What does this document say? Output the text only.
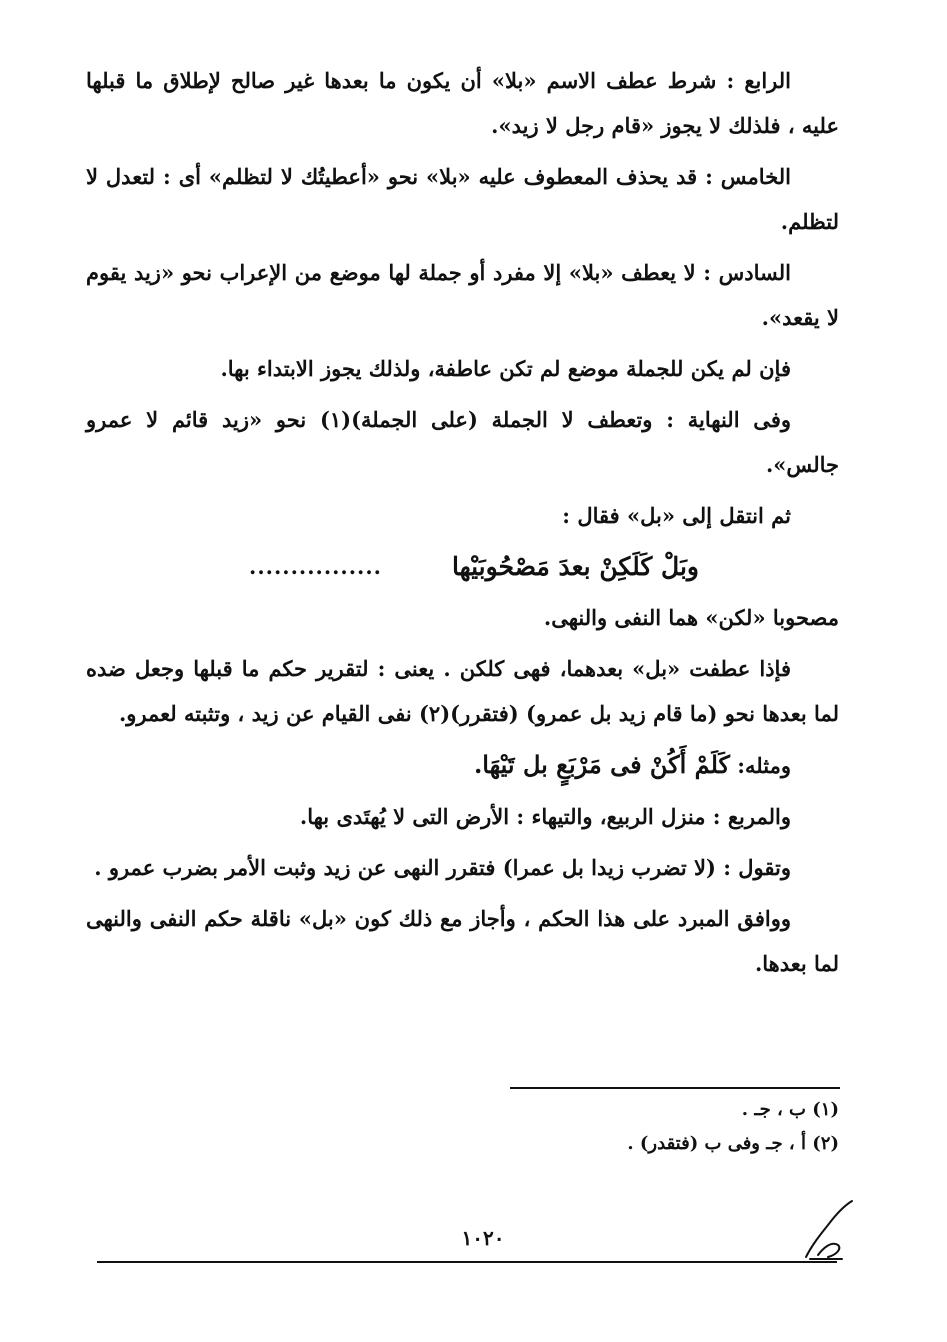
الرابع : شرط عطف الاسم «بلا» أن يكون ما بعدها غير صالح لإطلاق ما قبلها عليه ، فلذلك لا يجوز «قام رجل لا زيد».

الخامس : قد يحذف المعطوف عليه «بلا» نحو «أعطيتُك لا لتظلم» أى : لتعدل لا لتظلم.

السادس : لا يعطف «بلا» إلا مفرد أو جملة لها موضع من الإعراب نحو «زيد يقوم لا يقعد».

فإن لم يكن للجملة موضع لم تكن عاطفة، ولذلك يجوز الابتداء بها.

وفى النهاية : وتعطف لا الجملة (على الجملة)(١) نحو «زيد قائم لا عمرو جالس».

ثم انتقل إلى «بل» فقال :

وبَلْ كَلَكِنْ بعدَ مَصْحُوبَيْها
................

مصحوبا «لكن» هما النفى والنهى.

فإذا عطفت «بل» بعدهما، فهى كلكن . يعنى : لتقرير حكم ما قبلها وجعل ضده لما بعدها نحو (ما قام زيد بل عمرو) (فتقرر)(٢) نفى القيام عن زيد ، وتثبته لعمرو.

ومثله: كَلَمْ أَكُنْ فى مَرْبَعٍ بل تَيْهَا.

والمربع : منزل الربيع، والتيهاء : الأرض التى لا يُهتَدى بها.

وتقول : (لا تضرب زيدا بل عمرا) فتقرر النهى عن زيد وثبت الأمر بضرب عمرو .

ووافق المبرد على هذا الحكم ، وأجاز مع ذلك كون «بل» ناقلة حكم النفى والنهى لما بعدها.

(١) ب ، جـ .

(٢) أ ، جـ وفى ب (فتقدر) .

١٠٢٠
